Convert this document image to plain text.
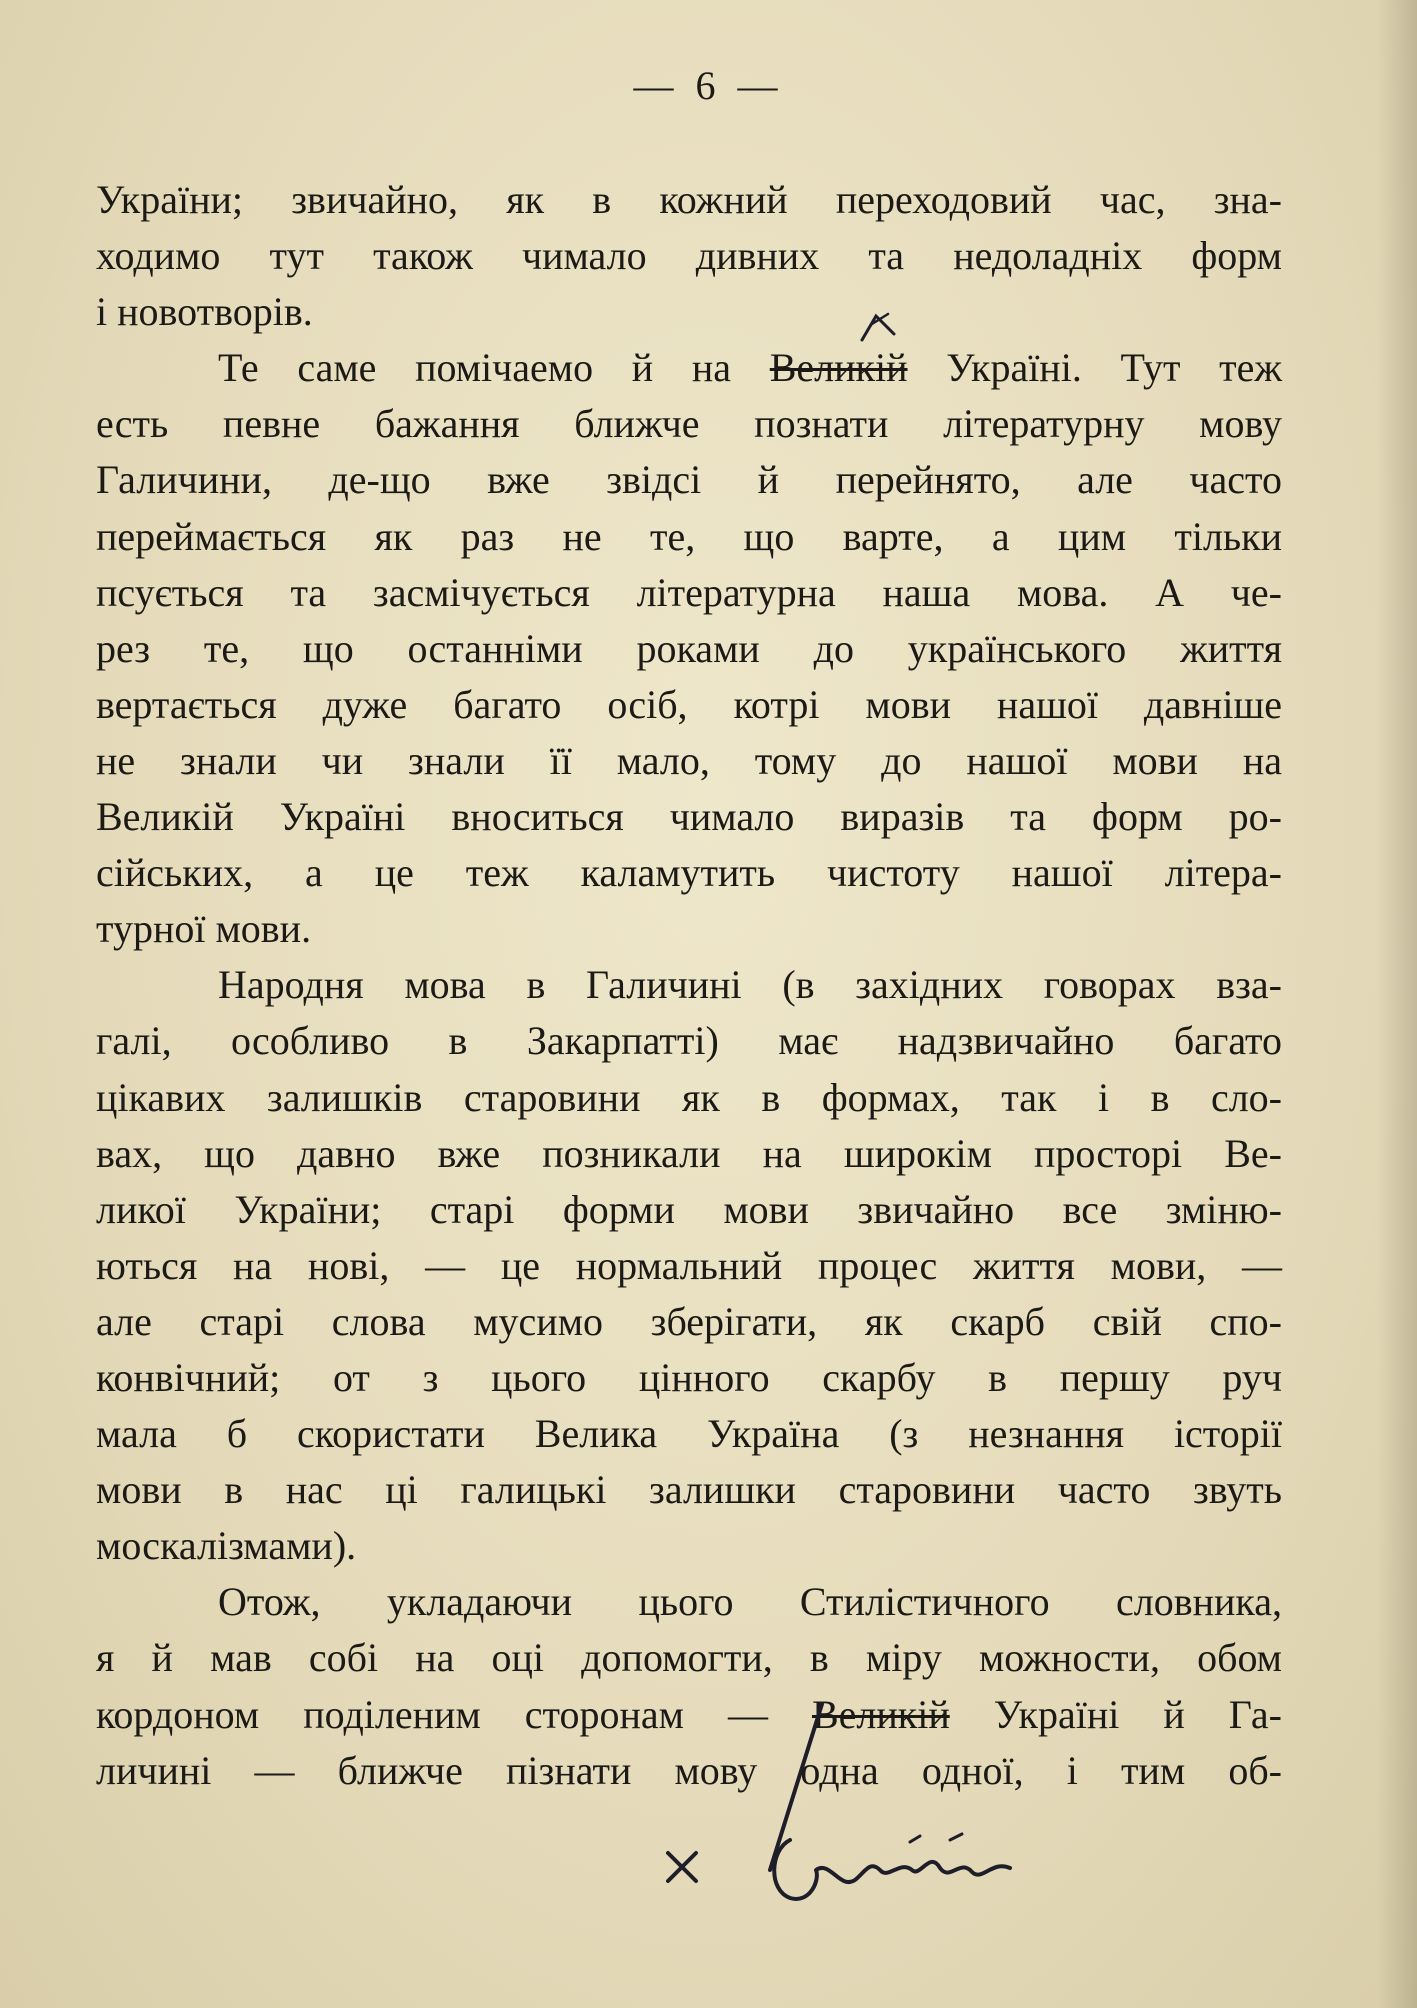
— 6 —
України; звичайно, як в кожний переходовий час, зна-
ходимо тут також чимало дивних та недоладніх форм
і новотворів.
Те саме помічаемо й на Великій Україні. Тут теж
есть певне бажання ближче познати літературну мову
Галичини, де-що вже звідсі й перейнято, але часто
переймається як раз не те, що варте, а цим тільки
псується та засмічується літературна наша мова. А че-
рез те, що останніми роками до українського життя
вертається дуже багато осіб, котрі мови нашої давніше
не знали чи знали її мало, тому до нашої мови на
Великій Україні вноситься чимало виразів та форм ро-
сійських, а це теж каламутить чистоту нашої літера-
турної мови.
Народня мова в Галичині (в західних говорах вза-
галі, особливо в Закарпатті) має надзвичайно багато
цікавих залишків старовини як в формах, так і в сло-
вах, що давно вже позникали на широкім просторі Ве-
ликої України; старі форми мови звичайно все зміню-
ються на нові, — це нормальний процес життя мови, —
але старі слова мусимо зберігати, як скарб свій спо-
конвічний; от з цього цінного скарбу в першу руч
мала б скористати Велика Україна (з незнання історії
мови в нас ці галицькі залишки старовини часто звуть
москалізмами).
Отож, укладаючи цього Стилістичного словника,
я й мав собі на оці допомогти, в міру можности, обом
кордоном поділеним сторонам — Великій Україні й Га-
личині — ближче пізнати мову одна одної, і тим об-
